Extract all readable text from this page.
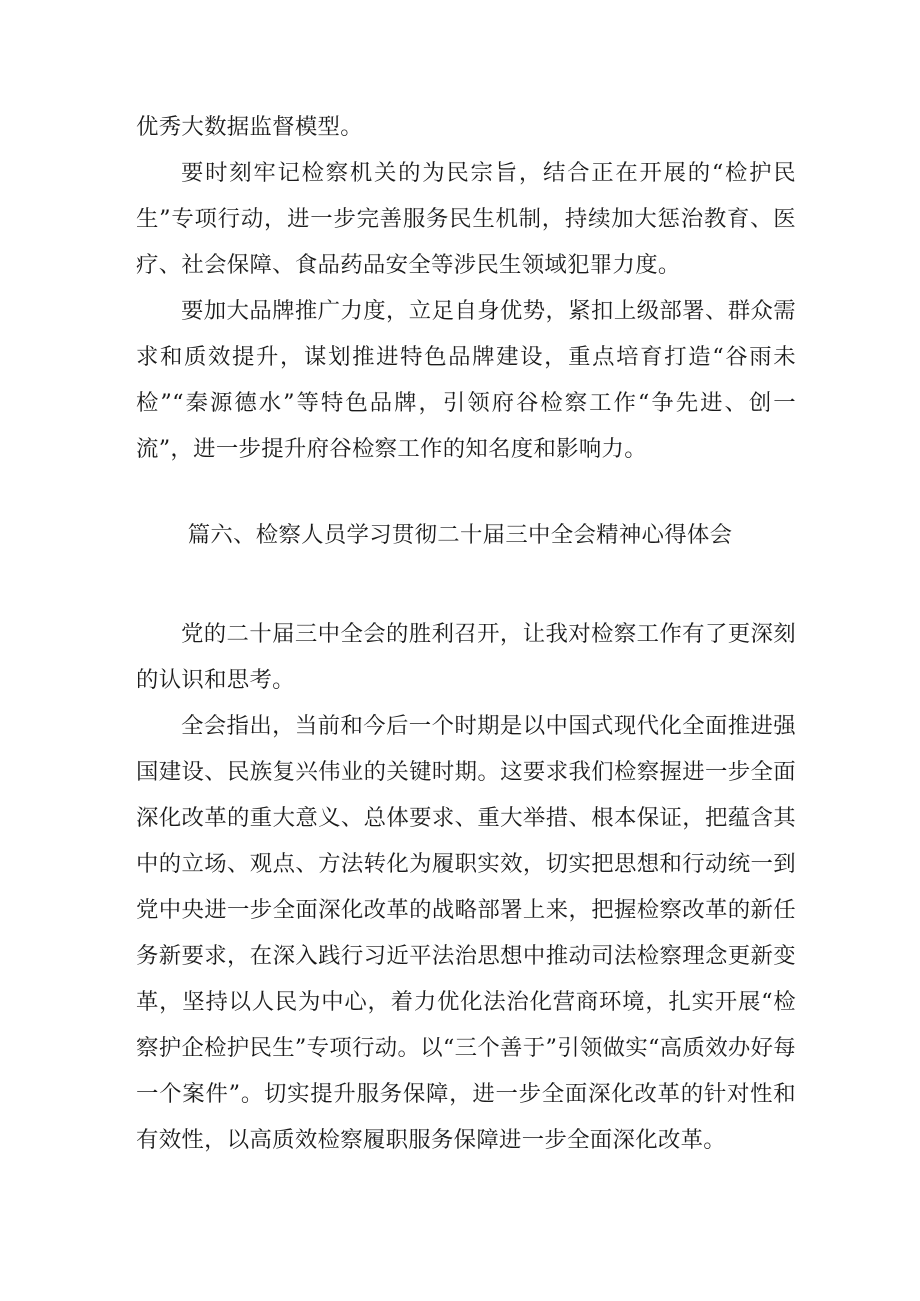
优秀大数据监督模型。

要时刻牢记检察机关的为民宗旨，结合正在开展的“检护民生”专项行动，进一步完善服务民生机制，持续加大惩治教育、医疗、社会保障、食品药品安全等涉民生领域犯罪力度。

要加大品牌推广力度，立足自身优势，紧扣上级部署、群众需求和质效提升，谋划推进特色品牌建设，重点培育打造“谷雨未检”“秦源德水”等特色品牌，引领府谷检察工作“争先进、创一流”，进一步提升府谷检察工作的知名度和影响力。

篇六、检察人员学习贯彻二十届三中全会精神心得体会

党的二十届三中全会的胜利召开，让我对检察工作有了更深刻的认识和思考。

全会指出，当前和今后一个时期是以中国式现代化全面推进强国建设、民族复兴伟业的关键时期。这要求我们检察握进一步全面深化改革的重大意义、总体要求、重大举措、根本保证，把蕴含其中的立场、观点、方法转化为履职实效，切实把思想和行动统一到党中央进一步全面深化改革的战略部署上来，把握检察改革的新任务新要求，在深入践行习近平法治思想中推动司法检察理念更新变革，坚持以人民为中心，着力优化法治化营商环境，扎实开展“检察护企检护民生”专项行动。以“三个善于”引领做实“高质效办好每一个案件”。切实提升服务保障，进一步全面深化改革的针对性和有效性，以高质效检察履职服务保障进一步全面深化改革。
